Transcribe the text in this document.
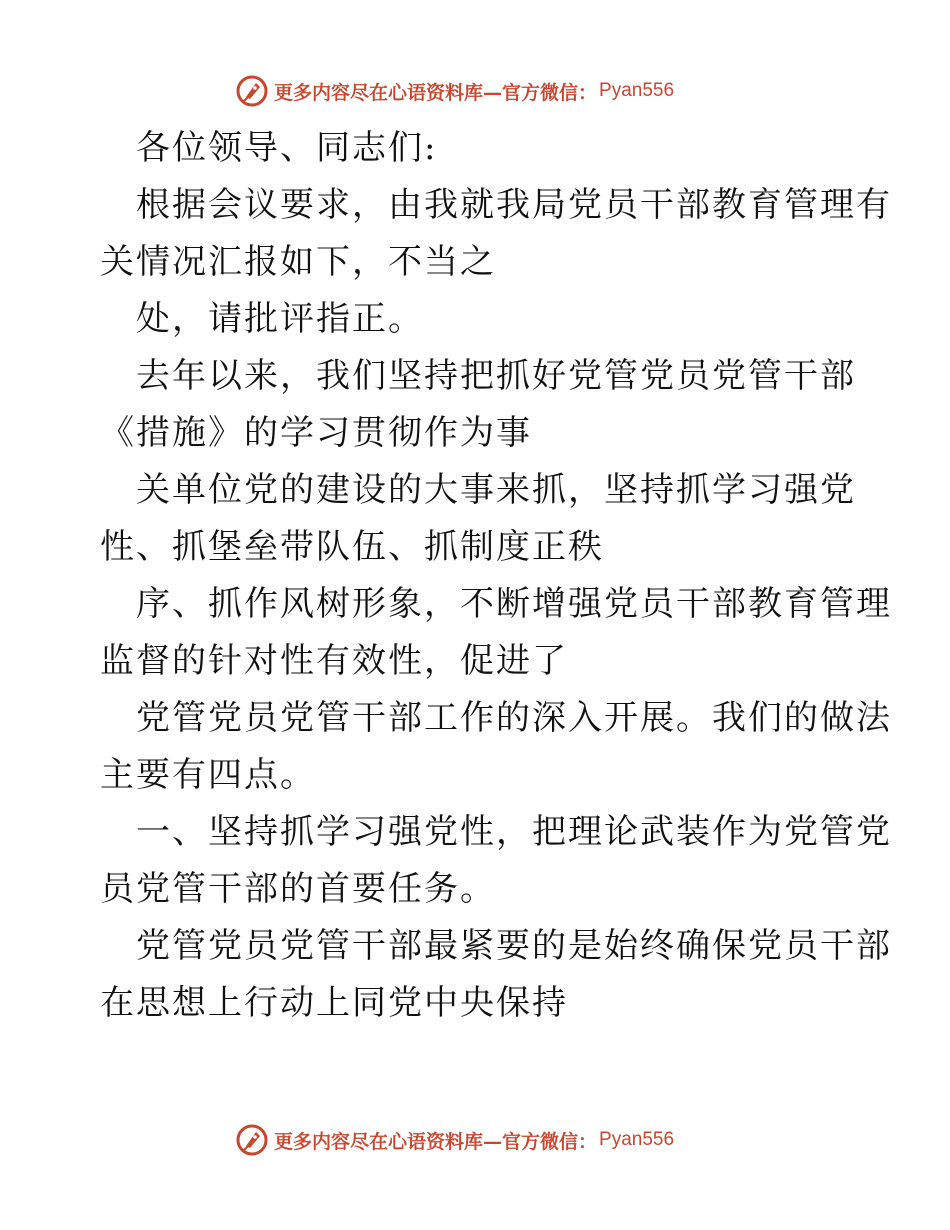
更多内容尽在心语资料库—官方微信： Pyan556
各位领导、同志们:
根据会议要求，由我就我局党员干部教育管理有
关情况汇报如下，不当之
处，请批评指正。
去年以来，我们坚持把抓好党管党员党管干部
《措施》的学习贯彻作为事
关单位党的建设的大事来抓，坚持抓学习强党
性、抓堡垒带队伍、抓制度正秩
序、抓作风树形象，不断增强党员干部教育管理
监督的针对性有效性，促进了
党管党员党管干部工作的深入开展。我们的做法
主要有四点。
一、坚持抓学习强党性，把理论武装作为党管党
员党管干部的首要任务。
党管党员党管干部最紧要的是始终确保党员干部
在思想上行动上同党中央保持
更多内容尽在心语资料库—官方微信： Pyan556
